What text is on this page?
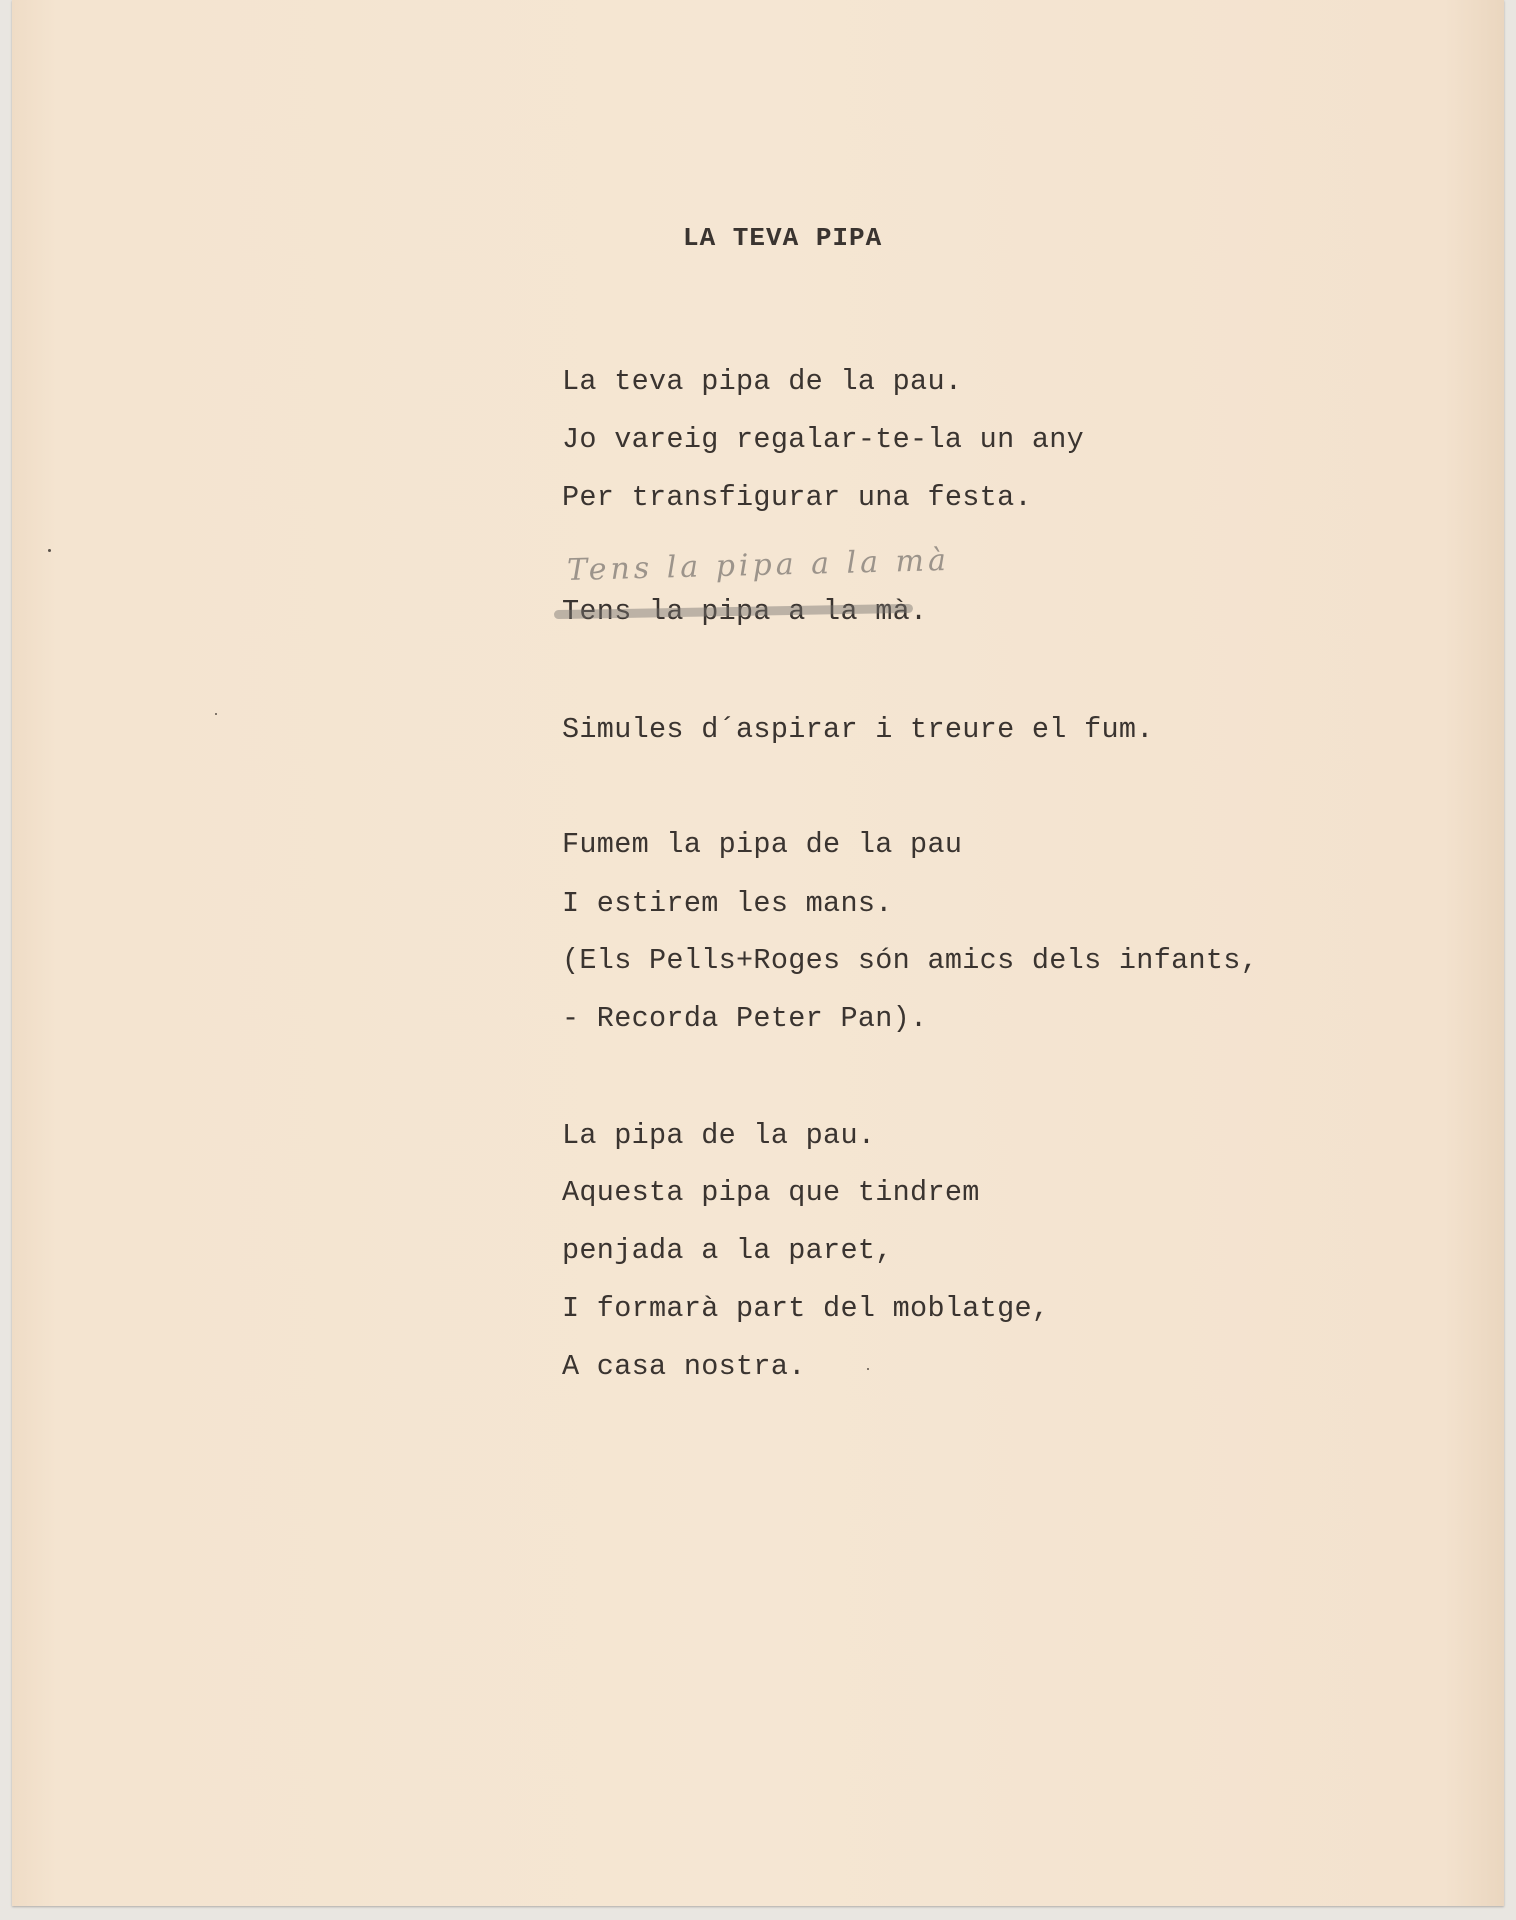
LA TEVA PIPA
La teva pipa de la pau.
Jo vareig regalar-te-la un any
Per transfigurar una festa.
Tens la pipa a la mà
Tens la pipa a la mà.
Simules d´aspirar i treure el fum.
Fumem la pipa de la pau
I estirem les mans.
(Els Pells+Roges són amics dels infants,
- Recorda Peter Pan).
La pipa de la pau.
Aquesta pipa que tindrem
penjada a la paret,
I formarà part del moblatge,
A casa nostra.
